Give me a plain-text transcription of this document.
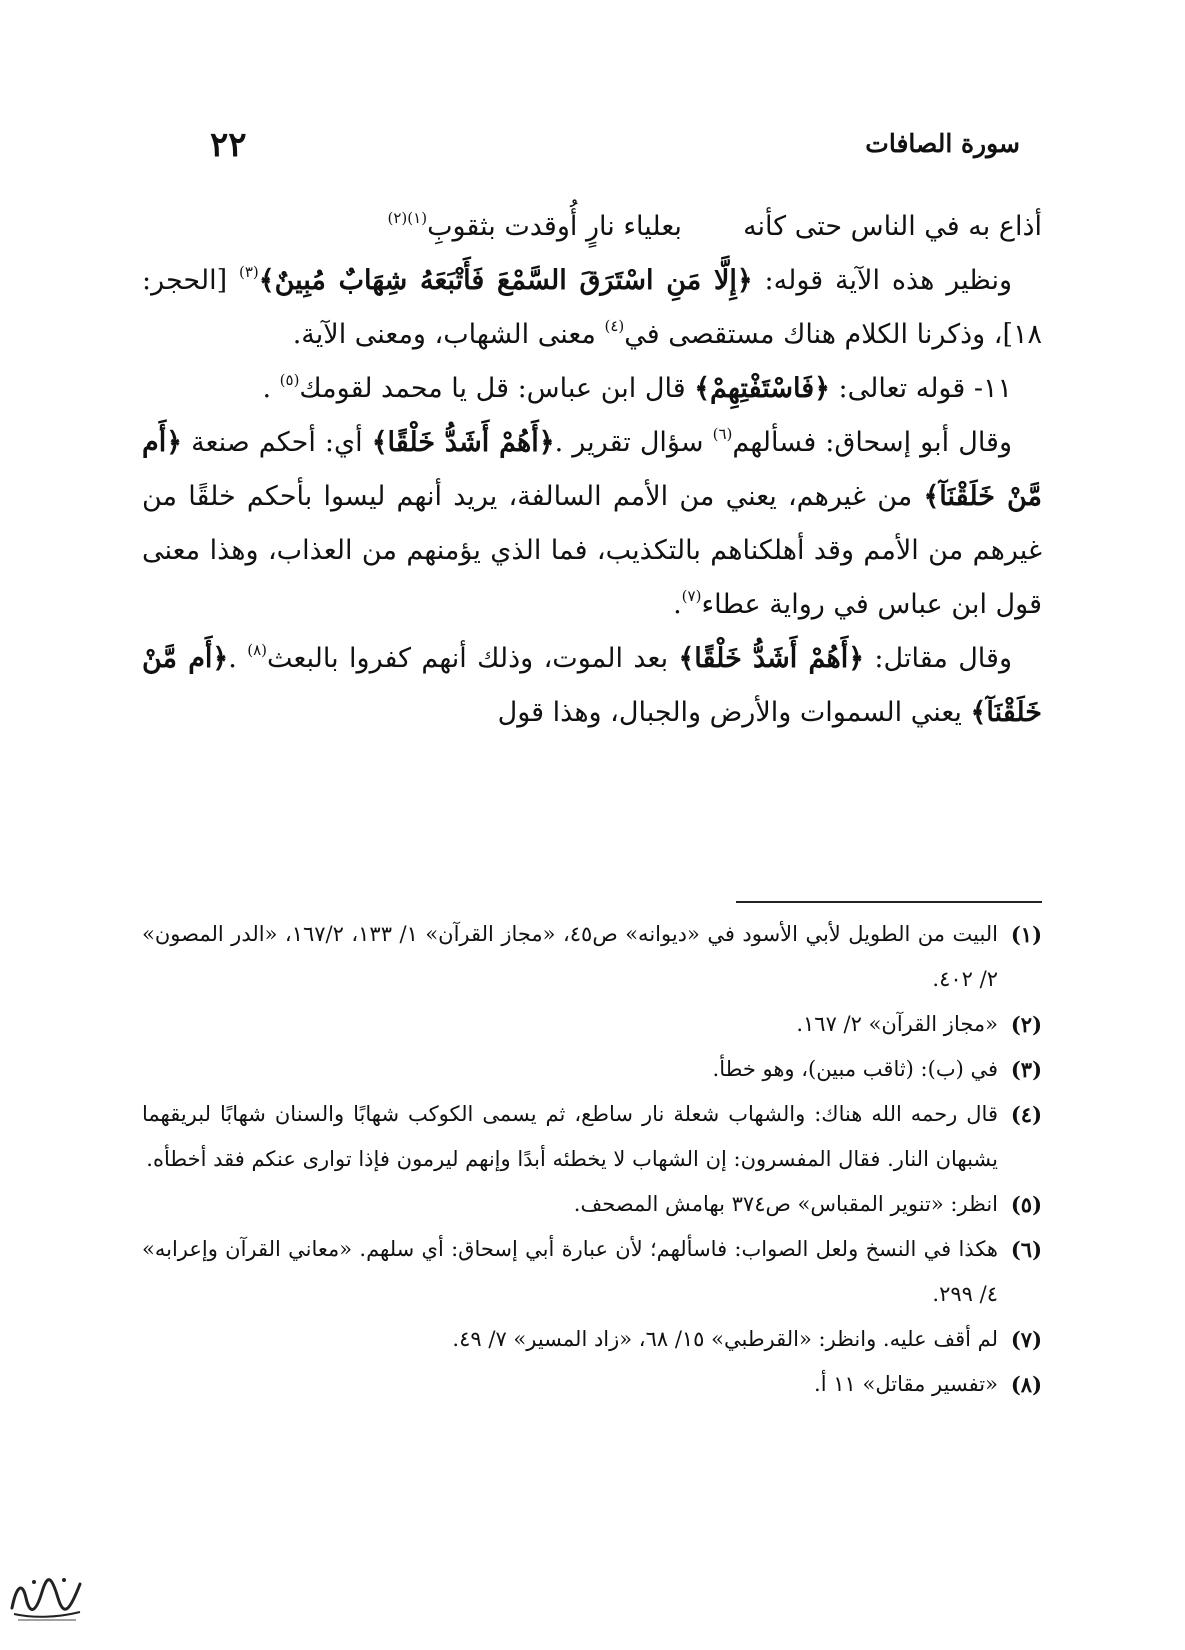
٢٢	سورة الصافات

أذاع به في الناس حتى كأنه  بعلياء نارٍ أُوقدت بثقوبِ$^{(١)(٢)}$

ونظير هذه الآية قوله: ﴿إِلَّا مَنِ اسْتَرَقَ السَّمْعَ فَأَتْبَعَهُ شِهَابٌ مُبِينٌ﴾$^{(٣)}$ [الحجر: ١٨]، وذكرنا الكلام هناك مستقصى في$^{(٤)}$ معنى الشهاب، ومعنى الآية.

١١- قوله تعالى: ﴿فَاسْتَفْتِهِمْ﴾ قال ابن عباس: قل يا محمد لقومك$^{(٥)}$ .

وقال أبو إسحاق: فسألهم$^{(٦)}$ سؤال تقرير .﴿أَهُمْ أَشَدُّ خَلْقًا﴾ أي: أحكم صنعة ﴿أَم مَّنْ خَلَقْنَآ﴾ من غيرهم، يعني من الأمم السالفة، يريد أنهم ليسوا بأحكم خلقًا من غيرهم من الأمم وقد أهلكناهم بالتكذيب، فما الذي يؤمنهم من العذاب، وهذا معنى قول ابن عباس في رواية عطاء$^{(٧)}$.

وقال مقاتل: ﴿أَهُمْ أَشَدُّ خَلْقًا﴾ بعد الموت، وذلك أنهم كفروا بالبعث$^{(٨)}$ .﴿أَم مَّنْ خَلَقْنَآ﴾ يعني السموات والأرض والجبال، وهذا قول

(١)
البيت من الطويل لأبي الأسود في «ديوانه» ص٤٥، «مجاز القرآن» ١/ ١٣٣، ١٦٧/٢، «الدر المصون» ٢/ ٤٠٢.
(٢)
«مجاز القرآن» ٢/ ١٦٧.
(٣)
في (ب): (ثاقب مبين)، وهو خطأ.
(٤)
قال رحمه الله هناك: والشهاب شعلة نار ساطع، ثم يسمى الكوكب شهابًا والسنان شهابًا لبريقهما يشبهان النار. فقال المفسرون: إن الشهاب لا يخطئه أبدًا وإنهم ليرمون فإذا توارى عنكم فقد أخطأه.
(٥)
انظر: «تنوير المقباس» ص٣٧٤ بهامش المصحف.
(٦)
هكذا في النسخ ولعل الصواب: فاسألهم؛ لأن عبارة أبي إسحاق: أي سلهم. «معاني القرآن وإعرابه» ٤/ ٢٩٩.
(٧)
لم أقف عليه. وانظر: «القرطبي» ١٥/ ٦٨، «زاد المسير» ٧/ ٤٩.
(٨)
«تفسير مقاتل» ١١ أ.
